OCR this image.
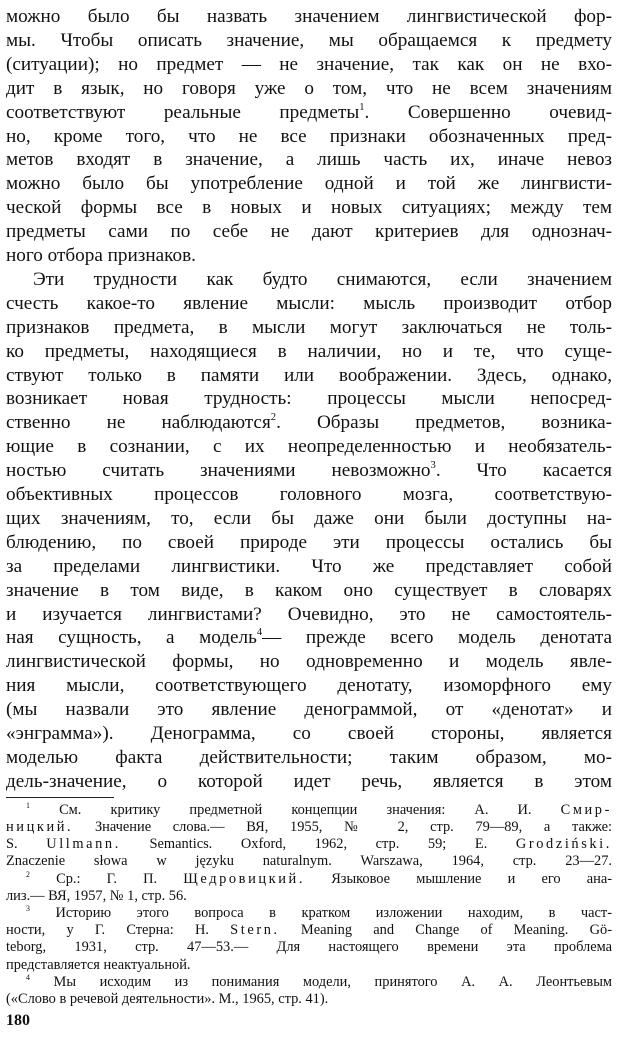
можно было бы назвать значением лингвистической фор-
мы. Чтобы описать значение, мы обращаемся к предмету
(ситуации); но предмет — не значение, так как он не вхо-
дит в язык, но говоря уже о том, что не всем значениям
соответствуют реальные предметы$^1$. Совершенно очевид-
но, кроме того, что не все признаки обозначенных пред-
метов входят в значение, а лишь часть их, иначе невоз
можно было бы употребление одной и той же лингвисти-
ческой формы все в новых и новых ситуациях; между тем
предметы сами по себе не дают критериев для однознач-
ного отбора признаков.
Эти трудности как будто снимаются, если значением
счесть какое-то явление мысли: мысль производит отбор
признаков предмета, в мысли могут заключаться не толь-
ко предметы, находящиеся в наличии, но и те, что суще-
ствуют только в памяти или воображении. Здесь, однако,
возникает новая трудность: процессы мысли непосред-
ственно не наблюдаются$^2$. Образы предметов, возника-
ющие в сознании, с их неопределенностью и необязатель-
ностью считать значениями невозможно$^3$. Что касается
объективных процессов головного мозга, соответствую-
щих значениям, то, если бы даже они были доступны на-
блюдению, по своей природе эти процессы остались бы
за пределами лингвистики. Что же представляет собой
значение в том виде, в каком оно существует в словарях
и изучается лингвистами? Очевидно, это не самостоятель-
ная сущность, а модель$^4$— прежде всего модель денотата
лингвистической формы, но одновременно и модель явле-
ния мысли, соответствующего денотату, изоморфного ему
(мы назвали это явление денограммой, от «денотат» и
«энграмма»). Денограмма, со своей стороны, является
моделью факта действительности; таким образом, мо-
дель-значение, о которой идет речь, является в этом
$^1$ См. критику предметной концепции значения: А. И. Смир-
ницкий. Значение слова.— ВЯ, 1955, № 2, стр. 79—89, а также:
S. Ullmann. Semantics. Oxford, 1962, стр. 59; E. Grodziński.
Znaczenie słowa w języku naturalnym. Warszawa, 1964, стр. 23—27.
$^2$ Ср.: Г. П. Щедровицкий. Языковое мышление и его ана-
лиз.— ВЯ, 1957, № 1, стр. 56.
$^3$ Историю этого вопроса в кратком изложении находим, в част-
ности, у Г. Стерна: H. Stern. Meaning and Change of Meaning. Gö-
teborg, 1931, стр. 47—53.— Для настоящего времени эта проблема
представляется неактуальной.
$^4$ Мы исходим из понимания модели, принятого А. А. Леонтьевым
(«Слово в речевой деятельности». М., 1965, стр. 41).
180
